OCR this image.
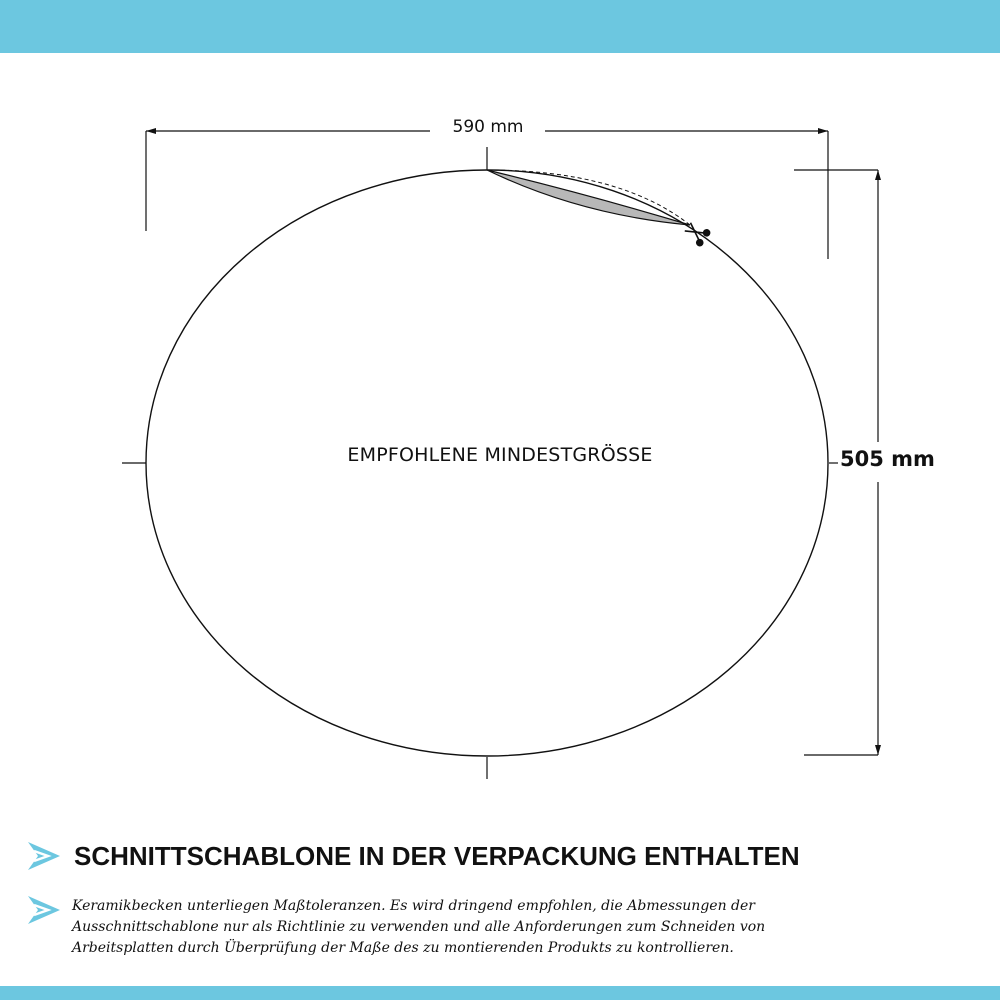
590 mm
505 mm
EMPFOHLENE MINDESTGRÖSSE
SCHNITTSCHABLONE IN DER VERPACKUNG ENTHALTEN
Keramikbecken unterliegen Maßtoleranzen. Es wird dringend empfohlen, die Abmessungen der Ausschnittschablone nur als Richtlinie zu verwenden und alle Anforderungen zum Schneiden von Arbeitsplatten durch Überprüfung der Maße des zu montierenden Produkts zu kontrollieren.
